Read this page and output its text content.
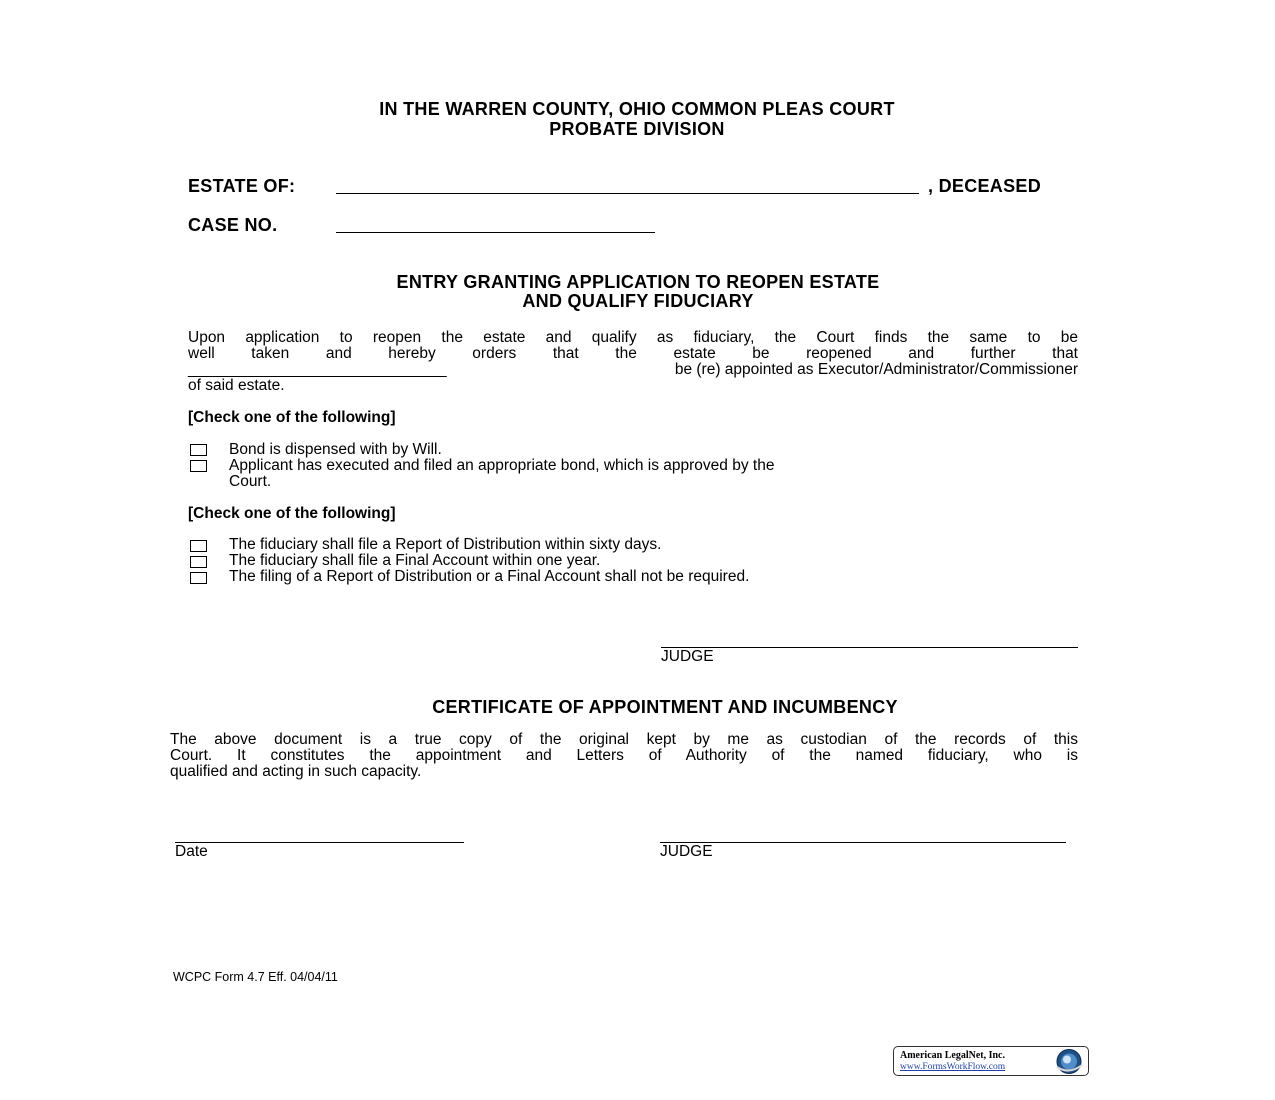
IN THE WARREN COUNTY, OHIO COMMON PLEAS COURT
PROBATE DIVISION
ESTATE OF:	, DECEASED
CASE NO.
ENTRY GRANTING APPLICATION TO REOPEN ESTATE
AND QUALIFY FIDUCIARY
Upon application to reopen the estate and qualify as fiduciary, the Court finds the same to be
well taken and hereby orders that the estate be reopened and further that
______________________________	be (re) appointed as Executor/Administrator/Commissioner
of said estate.
[Check one of the following]
Bond is dispensed with by Will.
Applicant has executed and filed an appropriate bond, which is approved by the
Court.
[Check one of the following]
The fiduciary shall file a Report of Distribution within sixty days.
The fiduciary shall file a Final Account within one year.
The filing of a Report of Distribution or a Final Account shall not be required.
JUDGE
CERTIFICATE OF APPOINTMENT AND INCUMBENCY
The above document is a true copy of the original kept by me as custodian of the records of this
Court. It constitutes the appointment and Letters of Authority of the named fiduciary, who is
qualified and acting in such capacity.
Date	JUDGE
WCPC Form 4.7 Eff. 04/04/11
American LegalNet, Inc.
www.FormsWorkFlow.com
